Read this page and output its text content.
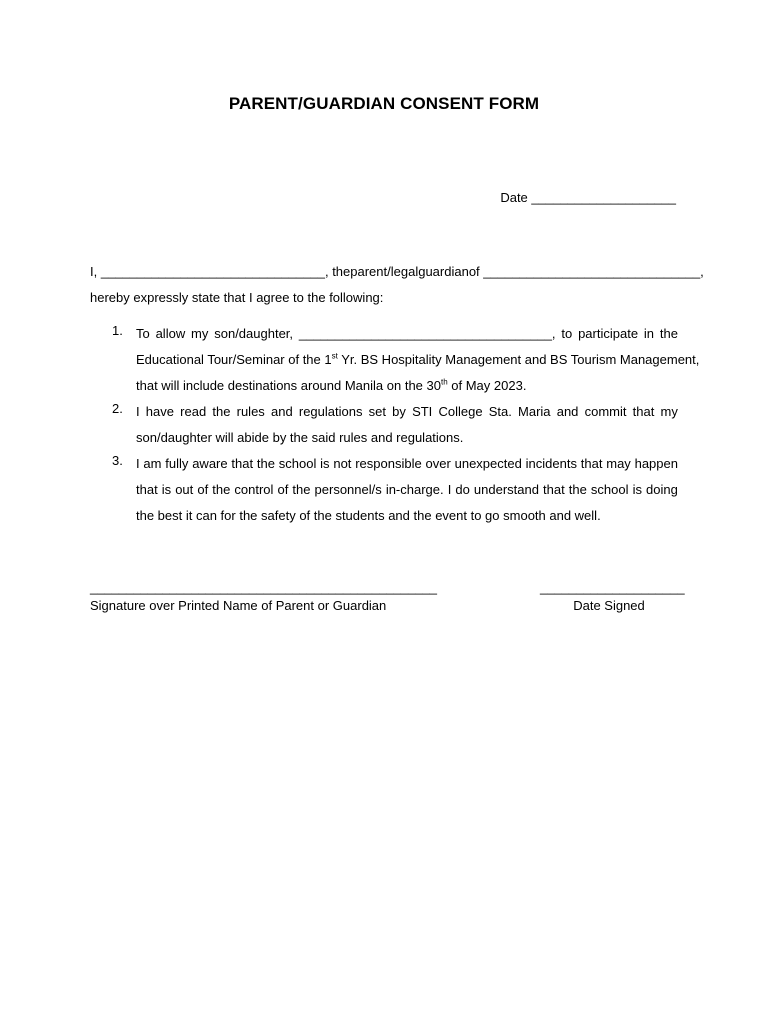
PARENT/GUARDIAN CONSENT FORM
Date ____________________
I, _______________________________, the parent/legal guardian of ______________________________,
hereby expressly state that I agree to the following:
1.	To allow my son/daughter, ___________________________________, to participate in the
Educational Tour/Seminar of the 1st Yr. BS Hospitality Management and BS Tourism Management,
that will include destinations around Manila on the 30th of May 2023.
2.	I have read the rules and regulations set by STI College Sta. Maria and commit that my
son/daughter will abide by the said rules and regulations.
3.	I am fully aware that the school is not responsible over unexpected incidents that may happen
that is out of the control of the personnel/s in-charge. I do understand that the school is doing
the best it can for the safety of the students and the event to go smooth and well.
________________________________________________
Signature over Printed Name of Parent or Guardian
____________________
Date Signed
